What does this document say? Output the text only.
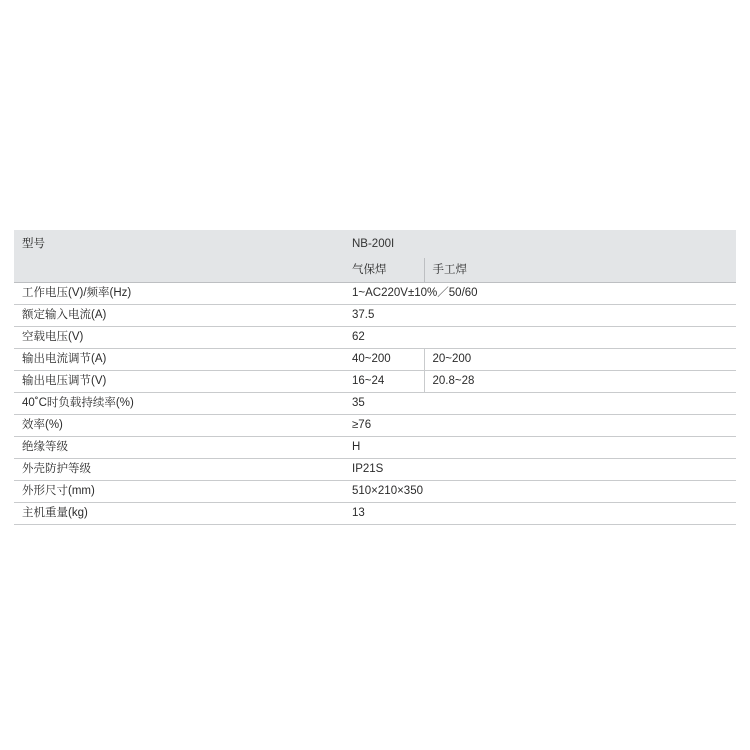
型号	NB-200I	
	气保焊	手工焊
工作电压(V)/频率(Hz)	1~AC220V±10%／50/60	
额定输入电流(A)	37.5	
空载电压(V)	62	
输出电流调节(A)	40~200	20~200
输出电压调节(V)	16~24	20.8~28
40˚C时负载持续率(%)	35	
效率(%)	≥76	
绝缘等级	H	
外壳防护等级	IP21S	
外形尺寸(mm)	510×210×350	
主机重量(kg)	13	
